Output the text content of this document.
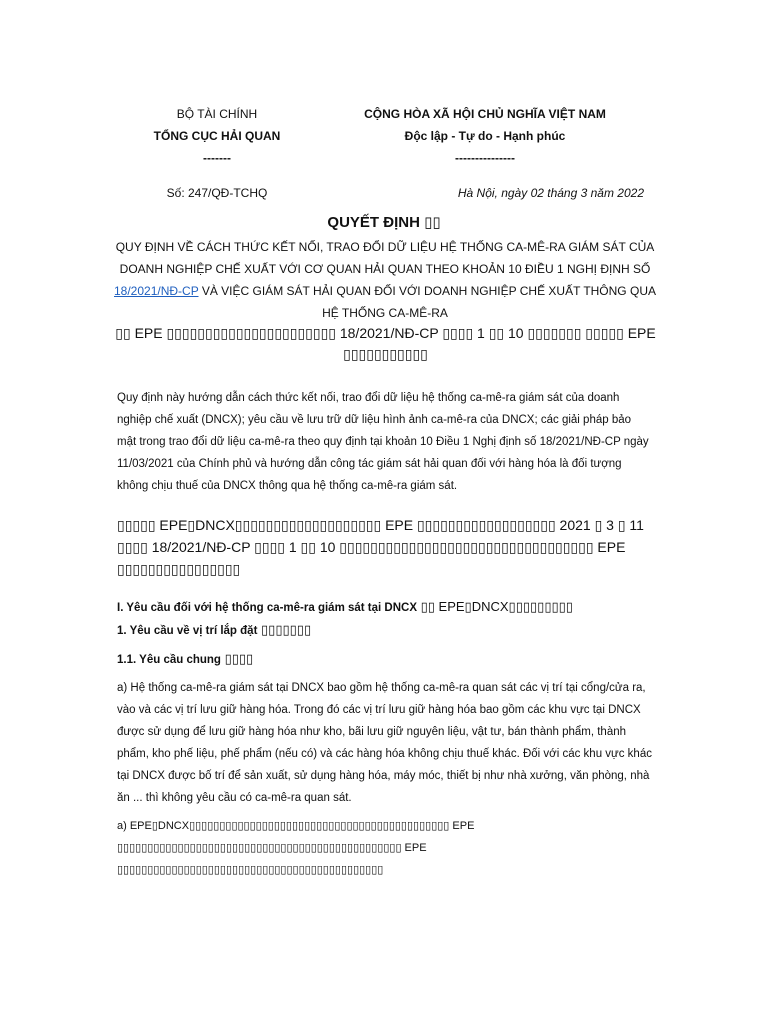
BỘ TÀI CHÍNH
TỔNG CỤC HẢI QUAN
-------
CỘNG HÒA XÃ HỘI CHỦ NGHĨA VIỆT NAM
Độc lập - Tự do - Hạnh phúc
---------------
Số: 247/QĐ-TCHQ	Hà Nội, ngày 02 tháng 3 năm 2022
QUYẾT ĐỊNH ▯▯
QUY ĐỊNH VỀ CÁCH THỨC KẾT NỐI, TRAO ĐỔI DỮ LIỆU HỆ THỐNG CA-MÊ-RA GIÁM SÁT CỦA DOANH NGHIỆP CHẾ XUẤT VỚI CƠ QUAN HẢI QUAN THEO KHOẢN 10 ĐIỀU 1 NGHỊ ĐỊNH SỐ 18/2021/NĐ-CP VÀ VIỆC GIÁM SÁT HẢI QUAN ĐỐI VỚI DOANH NGHIỆP CHẾ XUẤT THÔNG QUA HỆ THỐNG CA-MÊ-RA
▯▯ EPE ▯▯▯▯▯▯▯▯▯▯▯▯▯▯▯▯▯▯▯▯▯▯ 18/2021/NĐ-CP ▯▯▯▯ 1 ▯▯ 10 ▯▯▯▯▯▯▯ ▯▯▯▯▯ EPE ▯▯▯▯▯▯▯▯▯▯▯
Quy định này hướng dẫn cách thức kết nối, trao đổi dữ liệu hệ thống ca-mê-ra giám sát của doanh nghiệp chế xuất (DNCX); yêu cầu về lưu trữ dữ liệu hình ảnh ca-mê-ra của DNCX; các giải pháp bảo mật trong trao đổi dữ liệu ca-mê-ra theo quy định tại khoản 10 Điều 1 Nghị định số 18/2021/NĐ-CP ngày 11/03/2021 của Chính phủ và hướng dẫn công tác giám sát hải quan đối với hàng hóa là đối tượng không chịu thuế của DNCX thông qua hệ thống ca-mê-ra giám sát.
▯▯▯▯▯ EPE▯DNCX▯▯▯▯▯▯▯▯▯▯▯▯▯▯▯▯▯▯▯ EPE ▯▯▯▯▯▯▯▯▯▯▯▯▯▯▯▯▯▯ 2021 ▯ 3 ▯ 11 ▯▯▯▯ 18/2021/NĐ-CP ▯▯▯▯ 1 ▯▯ 10 ▯▯▯▯▯▯▯▯▯▯▯▯▯▯▯▯▯▯▯▯▯▯▯▯▯▯▯▯▯▯▯▯▯ EPE ▯▯▯▯▯▯▯▯▯▯▯▯▯▯▯▯
I. Yêu cầu đối với hệ thống ca-mê-ra giám sát tại DNCX ▯▯ EPE▯DNCX▯▯▯▯▯▯▯▯▯
1. Yêu cầu về vị trí lắp đặt ▯▯▯▯▯▯▯
1.1. Yêu cầu chung ▯▯▯▯
a) Hệ thống ca-mê-ra giám sát tại DNCX bao gồm hệ thống ca-mê-ra quan sát các vị trí tại cổng/cửa ra, vào và các vị trí lưu giữ hàng hóa. Trong đó các vị trí lưu giữ hàng hóa bao gồm các khu vực tại DNCX được sử dụng để lưu giữ hàng hóa như kho, bãi lưu giữ nguyên liệu, vật tư, bán thành phẩm, thành phẩm, kho phế liệu, phế phẩm (nếu có) và các hàng hóa không chịu thuế khác. Đối với các khu vực khác tại DNCX được bố trí để sản xuất, sử dụng hàng hóa, máy móc, thiết bị như nhà xưởng, văn phòng, nhà ăn ... thì không yêu cầu có ca-mê-ra quan sát.
a) EPE▯DNCX▯▯▯▯▯▯▯▯▯▯▯▯▯▯▯▯▯▯▯▯▯▯▯▯▯▯▯▯▯▯▯▯▯▯▯▯▯▯▯▯▯▯▯ EPE ▯▯▯▯▯▯▯▯▯▯▯▯▯▯▯▯▯▯▯▯▯▯▯▯▯▯▯▯▯▯▯▯▯▯▯▯▯▯▯▯▯▯▯▯▯▯▯ EPE ▯▯▯▯▯▯▯▯▯▯▯▯▯▯▯▯▯▯▯▯▯▯▯▯▯▯▯▯▯▯▯▯▯▯▯▯▯▯▯▯▯▯▯▯
